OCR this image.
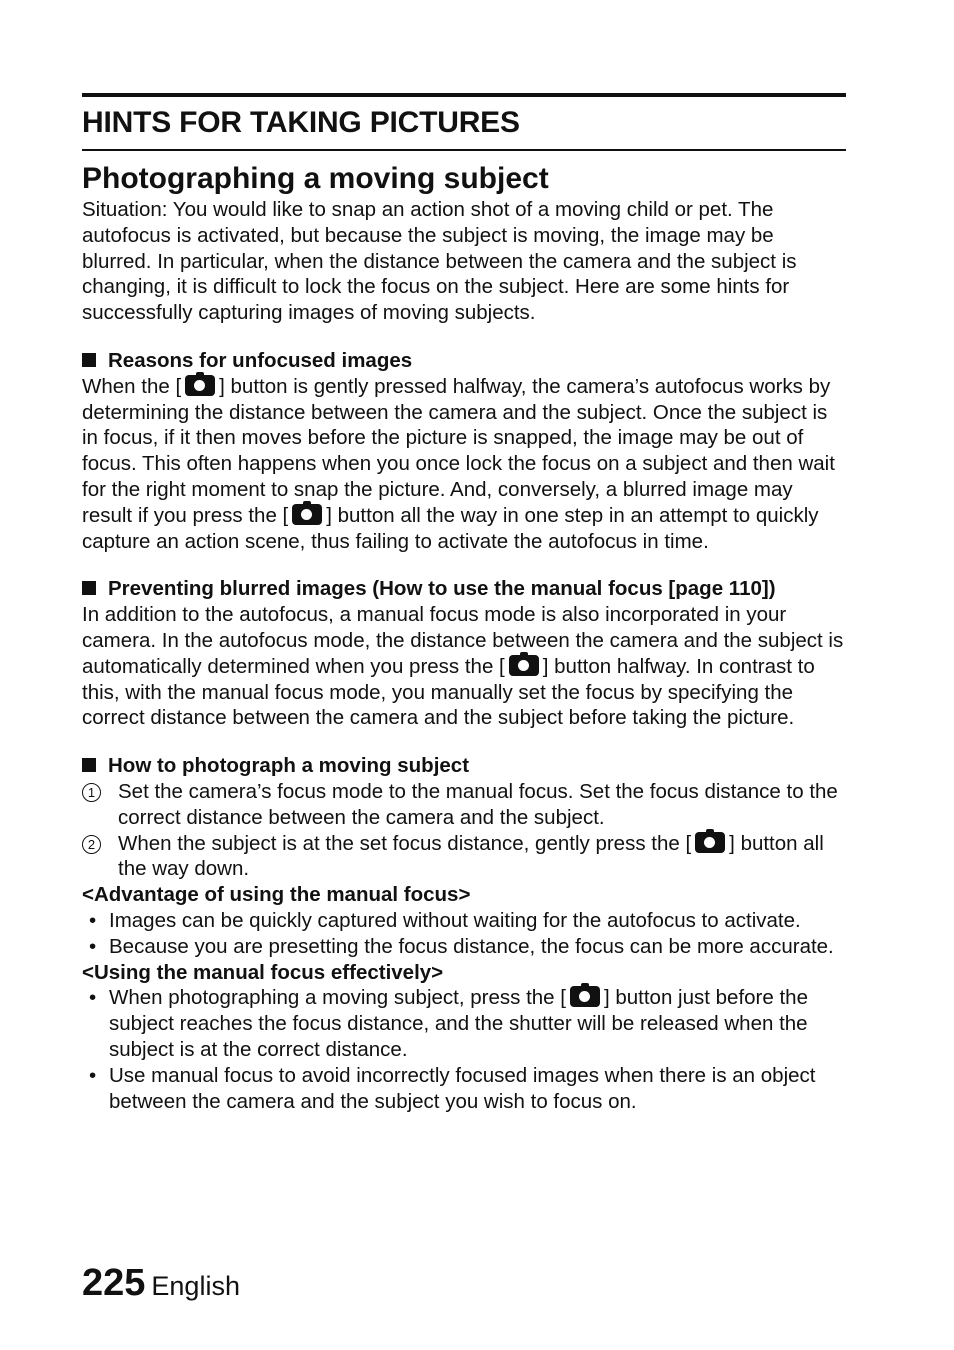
HINTS FOR TAKING PICTURES
Photographing a moving subject

Situation: You would like to snap an action shot of a moving child or pet. The autofocus is activated, but because the subject is moving, the image may be blurred. In particular, when the distance between the camera and the subject is changing, it is difficult to lock the focus on the subject. Here are some hints for successfully capturing images of moving subjects.

Reasons for unfocused images

When the [ ] button is gently pressed halfway, the camera’s autofocus works by determining the distance between the camera and the subject. Once the subject is in focus, if it then moves before the picture is snapped, the image may be out of focus. This often happens when you once lock the focus on a subject and then wait for the right moment to snap the picture. And, conversely, a blurred image may result if you press the [ ] button all the way in one step in an attempt to quickly capture an action scene, thus failing to activate the autofocus in time.

Preventing blurred images (How to use the manual focus [page 110])

In addition to the autofocus, a manual focus mode is also incorporated in your camera. In the autofocus mode, the distance between the camera and the subject is automatically determined when you press the [ ] button halfway. In contrast to this, with the manual focus mode, you manually set the focus by specifying the correct distance between the camera and the subject before taking the picture.

How to photograph a moving subject

1	Set the camera’s focus mode to the manual focus. Set the focus distance to the correct distance between the camera and the subject.
2	When the subject is at the set focus distance, gently press the [ ] button all the way down.

<Advantage of using the manual focus>

• Images can be quickly captured without waiting for the autofocus to activate.
• Because you are presetting the focus distance, the focus can be more accurate.

<Using the manual focus effectively>

• When photographing a moving subject, press the [ ] button just before the subject reaches the focus distance, and the shutter will be released when the subject is at the correct distance.
• Use manual focus to avoid incorrectly focused images when there is an object between the camera and the subject you wish to focus on.
225 English
